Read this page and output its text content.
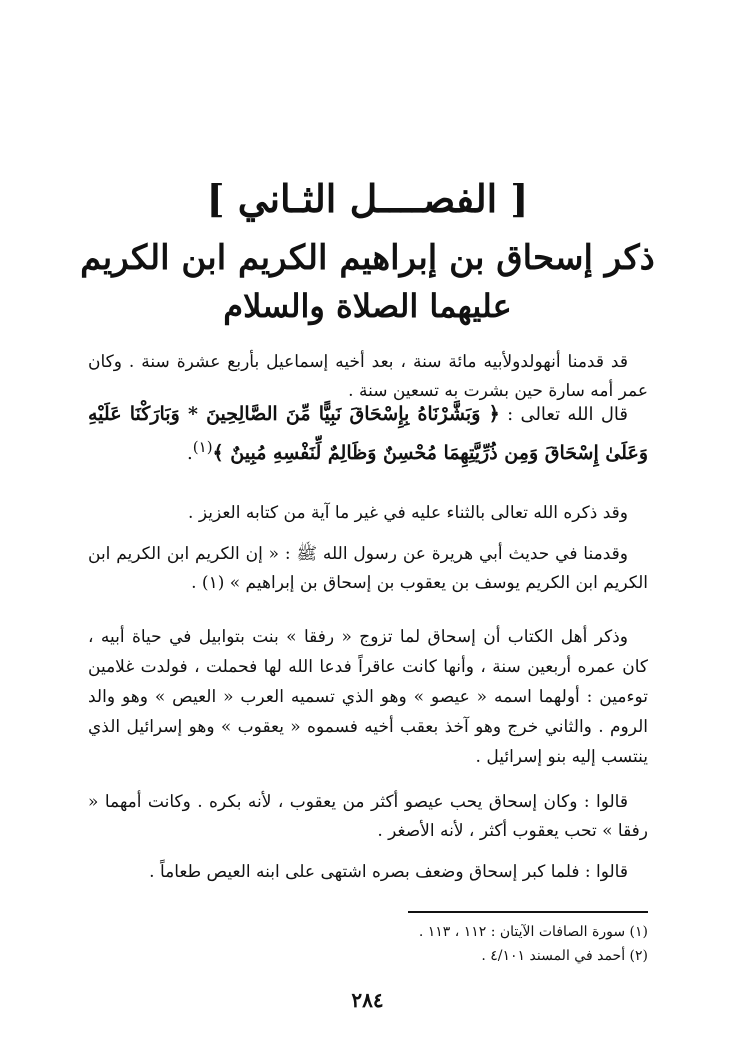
[ الفصــــل الثـاني ]
ذكر إسحاق بن إبراهيم الكريم ابن الكريم
عليهما الصلاة والسلام
قد قدمنا أنهولدولأبيه مائة سنة ، بعد أخيه إسماعيل بأربع عشرة سنة . وكان عمر أمه سارة حين بشرت به تسعين سنة .
قال الله تعالى : ﴿ وَبَشَّرْنَاهُ بِإِسْحَاقَ نَبِيًّا مِّنَ الصَّالِحِينَ * وَبَارَكْنَا عَلَيْهِ وَعَلَىٰ إِسْحَاقَ وَمِن ذُرِّيَّتِهِمَا مُحْسِنٌ وَظَالِمٌ لِّنَفْسِهِ مُبِينٌ ﴾$^{(١)}$.
وقد ذكره الله تعالى بالثناء عليه في غير ما آية من كتابه العزيز .
وقدمنا في حديث أبي هريرة عن رسول الله ﷺ : « إن الكريم ابن الكريم ابن الكريم ابن الكريم يوسف بن يعقوب بن إسحاق بن إبراهيم » (١) .
وذكر أهل الكتاب أن إسحاق لما تزوج « رفقا » بنت بتوابيل في حياة أبيه ، كان عمره أربعين سنة ، وأنها كانت عاقراً فدعا الله لها فحملت ، فولدت غلامين توءمين : أولهما اسمه « عيصو » وهو الذي تسميه العرب « العيص » وهو والد الروم . والثاني خرج وهو آخذ بعقب أخيه فسموه « يعقوب » وهو إسرائيل الذي ينتسب إليه بنو إسرائيل .
قالوا : وكان إسحاق يحب عيصو أكثر من يعقوب ، لأنه بكره . وكانت أمهما « رفقا » تحب يعقوب أكثر ، لأنه الأصغر .
قالوا : فلما كبر إسحاق وضعف بصره اشتهى على ابنه العيص طعاماً .
(١) سورة الصافات الآيتان : ١١٢ ، ١١٣ .
(٢) أحمد في المسند ٤/١٠١ .
٢٨٤
